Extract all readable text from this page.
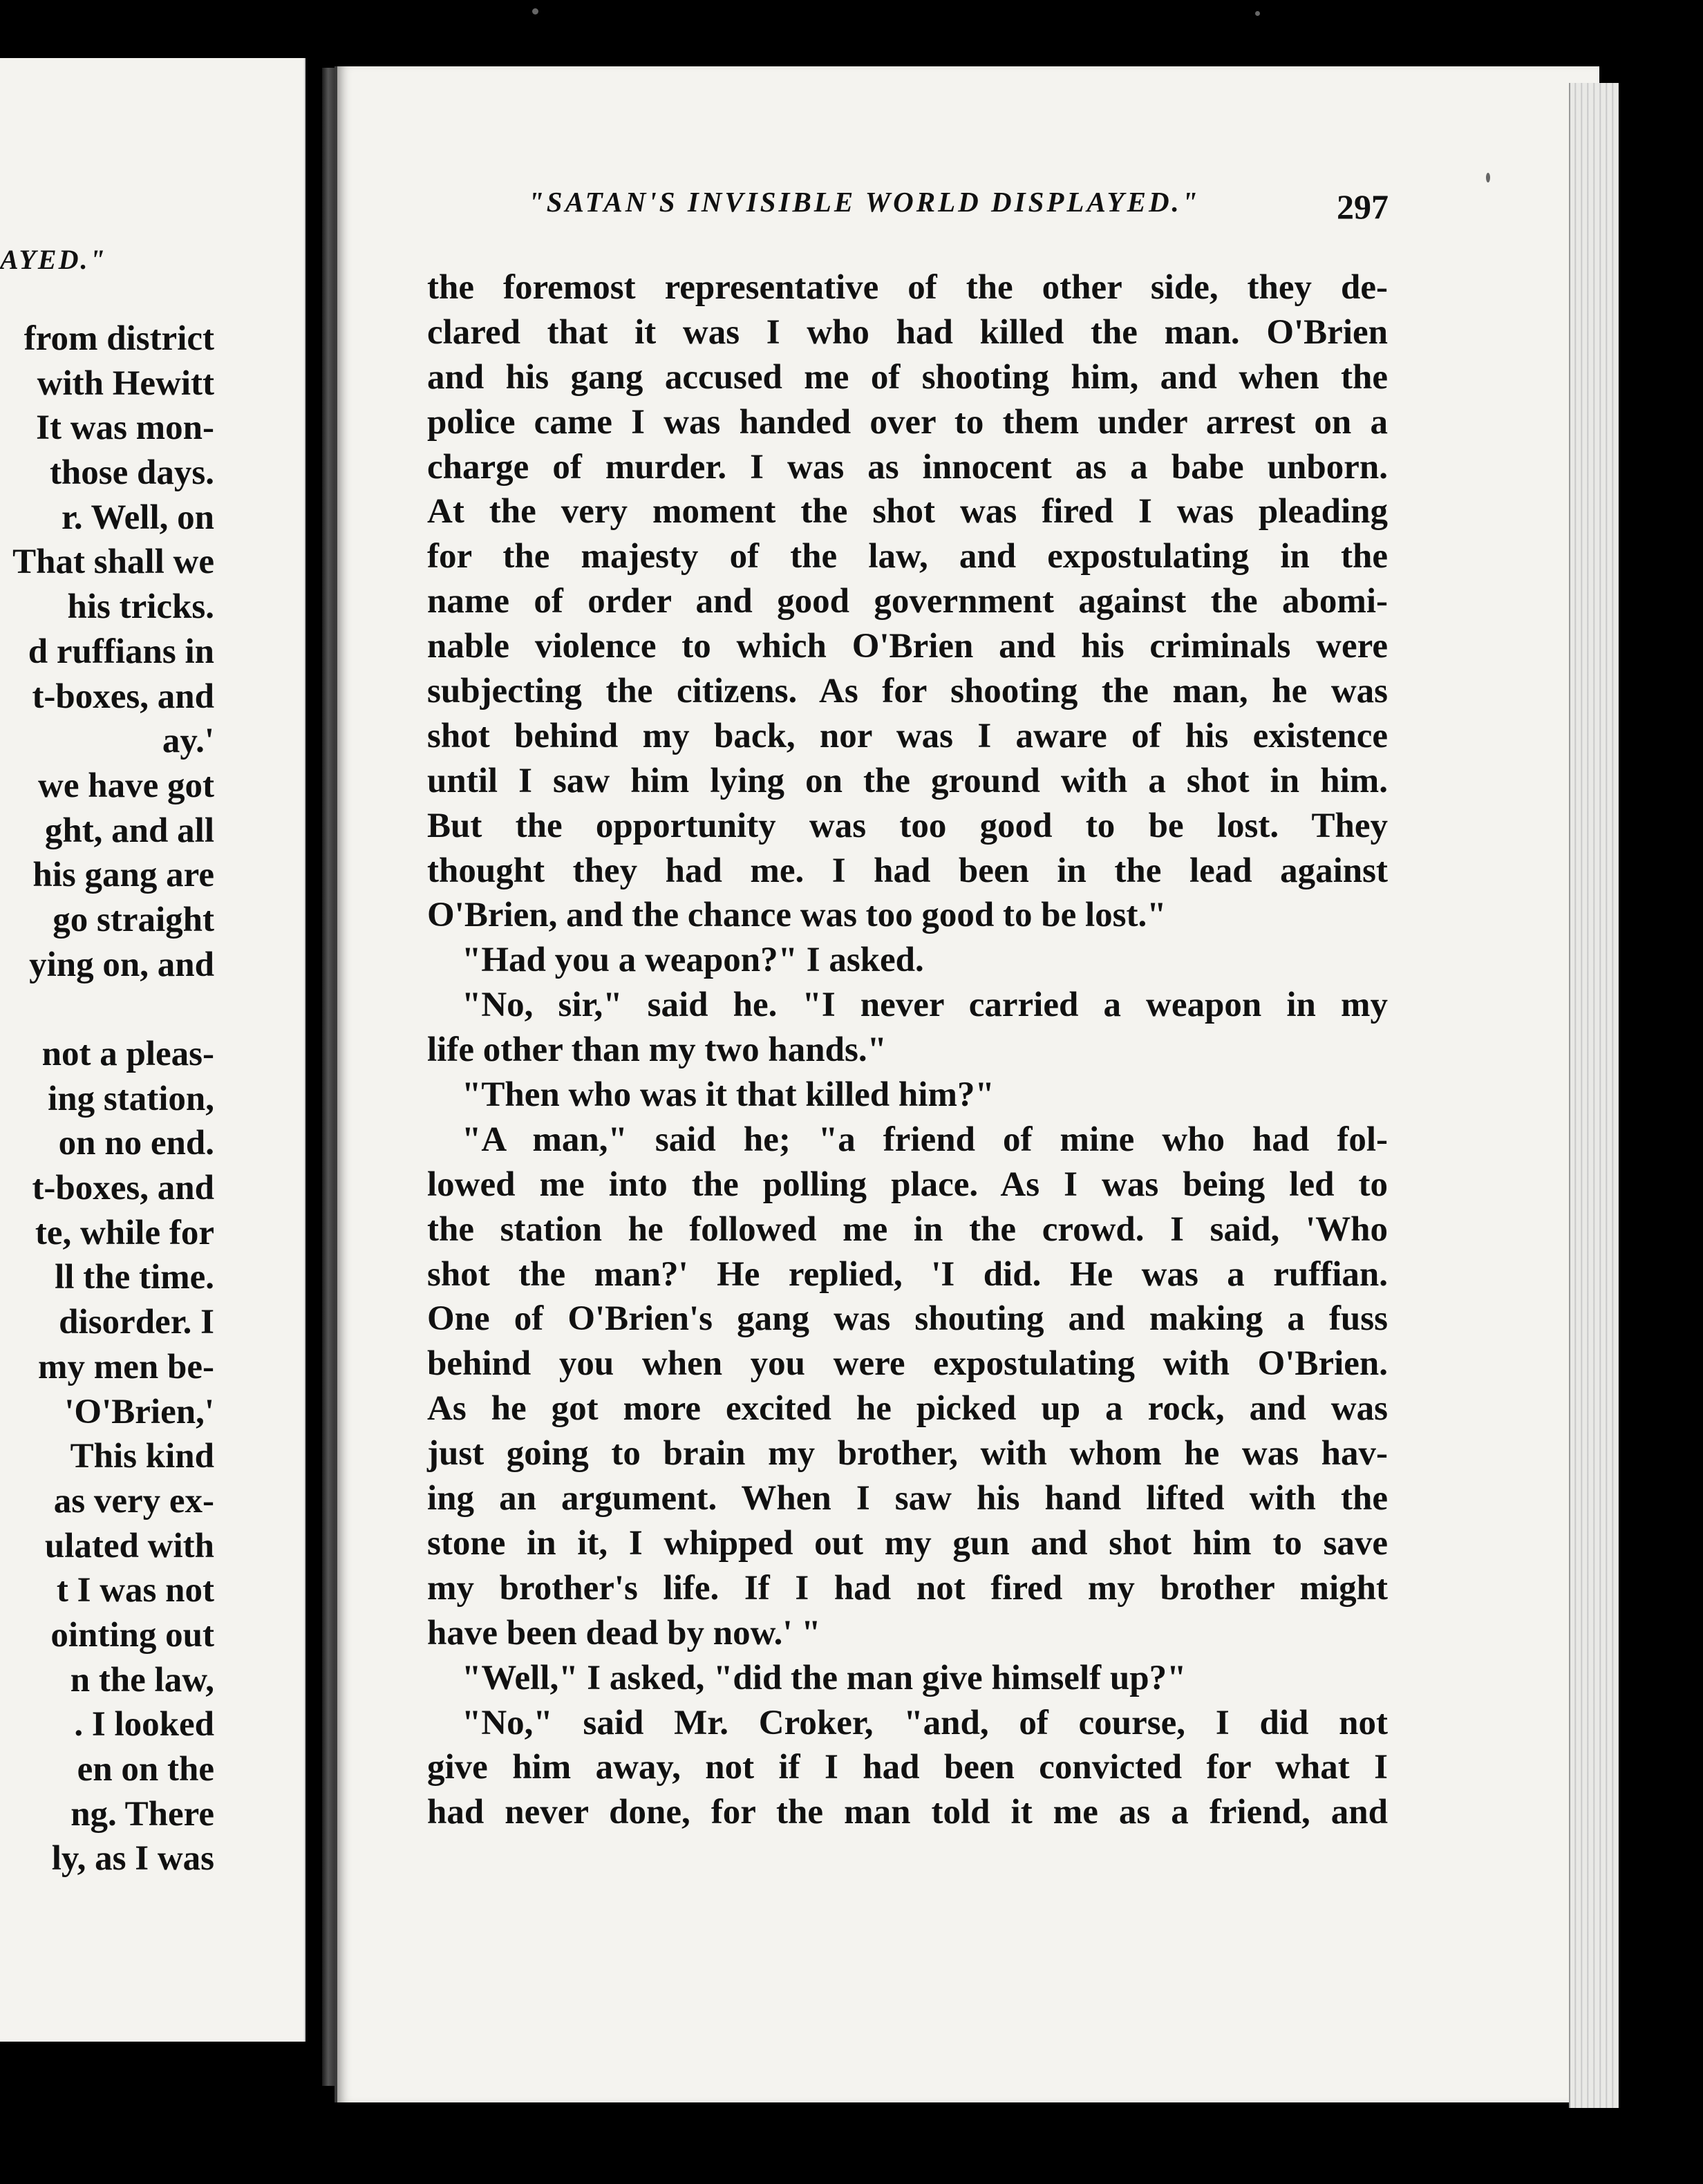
AYED."
from district
with Hewitt
It was mon-
those days.
r. Well, on
That shall we
his tricks.
d ruffians in
t-boxes, and
ay.'
we have got
ght, and all
his gang are
go straight
ying on, and
not a pleas-
ing station,
on no end.
t-boxes, and
te, while for
ll the time.
disorder. I
my men be-
'O'Brien,'
This kind
as very ex-
ulated with
t I was not
ointing out
n the law,
. I looked
en on the
ng. There
ly, as I was
"SATAN'S INVISIBLE WORLD DISPLAYED."	297
the foremost representative of the other side, they de-
clared that it was I who had killed the man. O'Brien
and his gang accused me of shooting him, and when the
police came I was handed over to them under arrest on a
charge of murder. I was as innocent as a babe unborn.
At the very moment the shot was fired I was pleading
for the majesty of the law, and expostulating in the
name of order and good government against the abomi-
nable violence to which O'Brien and his criminals were
subjecting the citizens. As for shooting the man, he was
shot behind my back, nor was I aware of his existence
until I saw him lying on the ground with a shot in him.
But the opportunity was too good to be lost. They
thought they had me. I had been in the lead against
O'Brien, and the chance was too good to be lost."
"Had you a weapon?" I asked.
"No, sir," said he. "I never carried a weapon in my
life other than my two hands."
"Then who was it that killed him?"
"A man," said he; "a friend of mine who had fol-
lowed me into the polling place. As I was being led to
the station he followed me in the crowd. I said, 'Who
shot the man?' He replied, 'I did. He was a ruffian.
One of O'Brien's gang was shouting and making a fuss
behind you when you were expostulating with O'Brien.
As he got more excited he picked up a rock, and was
just going to brain my brother, with whom he was hav-
ing an argument. When I saw his hand lifted with the
stone in it, I whipped out my gun and shot him to save
my brother's life. If I had not fired my brother might
have been dead by now.' "
"Well," I asked, "did the man give himself up?"
"No," said Mr. Croker, "and, of course, I did not
give him away, not if I had been convicted for what I
had never done, for the man told it me as a friend, and
